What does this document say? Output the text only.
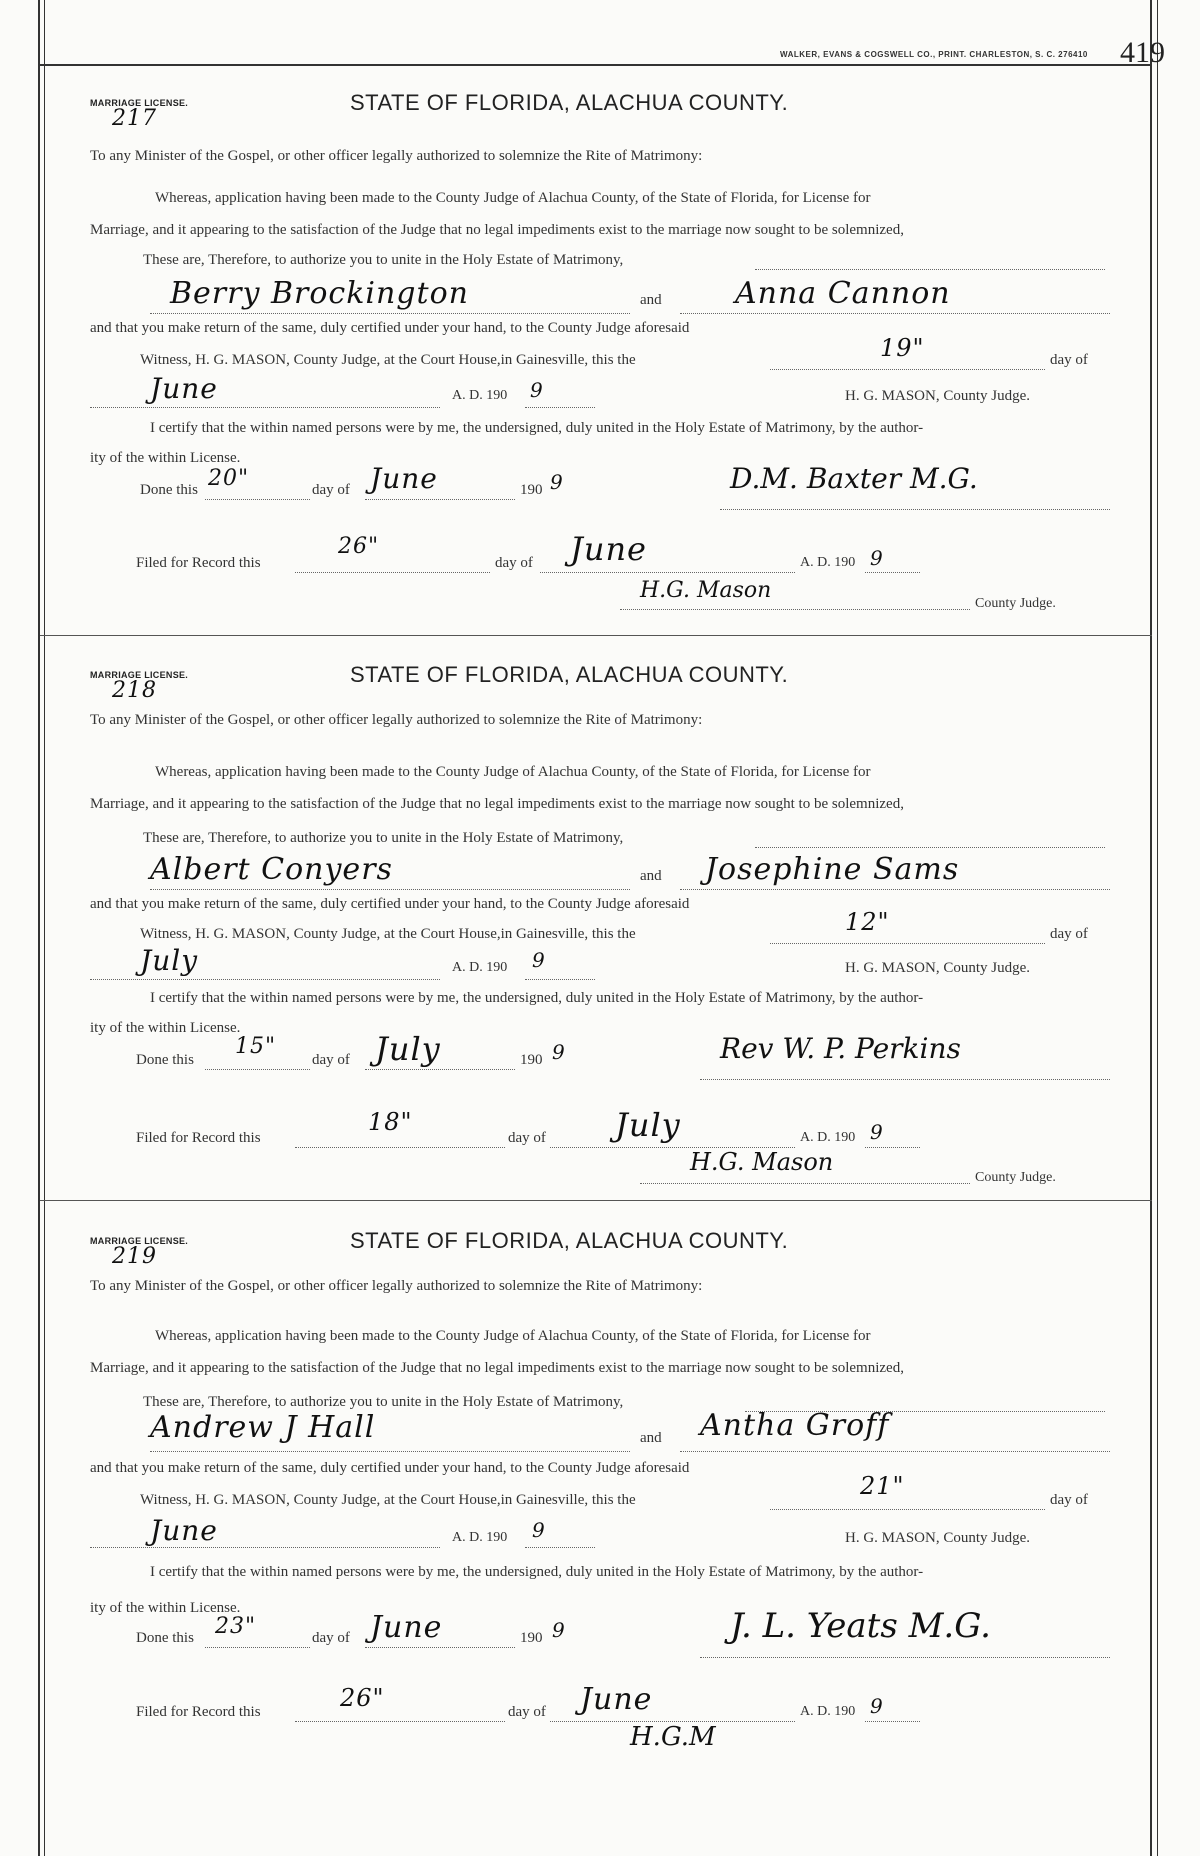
WALKER, EVANS & COGSWELL CO., PRINT. CHARLESTON, S. C. 276410 419
MARRIAGE LICENSE.
217
STATE OF FLORIDA, ALACHUA COUNTY.
To any Minister of the Gospel, or other officer legally authorized to solemnize the Rite of Matrimony:
Whereas, application having been made to the County Judge of Alachua County, of the State of Florida, for License for
Marriage, and it appearing to the satisfaction of the Judge that no legal impediments exist to the marriage now sought to be solemnized,
These are, Therefore, to authorize you to unite in the Holy Estate of Matrimony,
Berry Brockington	and Anna Cannon
and that you make return of the same, duly certified under your hand, to the County Judge aforesaid
Witness, H. G. MASON, County Judge, at the Court House,in Gainesville, this the	19"	day of
June	A. D. 190 9	H. G. MASON, County Judge.
I certify that the within named persons were by me, the undersigned, duly united in the Holy Estate of Matrimony, by the author-
ity of the within License.
Done this 20"	day of June	190 9	D.M. Baxter M.G.
Filed for Record this
26"
day of June	A. D. 190 9
H.G. Mason
County Judge.
MARRIAGE LICENSE.
218
STATE OF FLORIDA, ALACHUA COUNTY.
To any Minister of the Gospel, or other officer legally authorized to solemnize the Rite of Matrimony:
Whereas, application having been made to the County Judge of Alachua County, of the State of Florida, for License for
Marriage, and it appearing to the satisfaction of the Judge that no legal impediments exist to the marriage now sought to be solemnized,
These are, Therefore, to authorize you to unite in the Holy Estate of Matrimony,
Albert Conyers	and Josephine Sams
and that you make return of the same, duly certified under your hand, to the County Judge aforesaid
Witness, H. G. MASON, County Judge, at the Court House,in Gainesville, this the	12"	day of
July	A. D. 190 9	H. G. MASON, County Judge.
I certify that the within named persons were by me, the undersigned, duly united in the Holy Estate of Matrimony, by the author-
ity of the within License.
Done this
15"
day of July	190 9	Rev W. P. Perkins
Filed for Record this
18"
day of July	A. D. 190 9
H.G. Mason
County Judge.
MARRIAGE LICENSE.
219
STATE OF FLORIDA, ALACHUA COUNTY.
To any Minister of the Gospel, or other officer legally authorized to solemnize the Rite of Matrimony:
Whereas, application having been made to the County Judge of Alachua County, of the State of Florida, for License for
Marriage, and it appearing to the satisfaction of the Judge that no legal impediments exist to the marriage now sought to be solemnized,
These are, Therefore, to authorize you to unite in the Holy Estate of Matrimony,
Andrew J Hall	and Antha Groff
and that you make return of the same, duly certified under your hand, to the County Judge aforesaid
Witness, H. G. MASON, County Judge, at the Court House,in Gainesville, this the	21"	day of
June	A. D. 190 9	H. G. MASON, County Judge.
I certify that the within named persons were by me, the undersigned, duly united in the Holy Estate of Matrimony, by the author-
ity of the within License.
Done this 23"	day of June	190 9	J. L. Yeats M.G.
Filed for Record this	26"	day of June	A. D. 190 9
H.G.M
